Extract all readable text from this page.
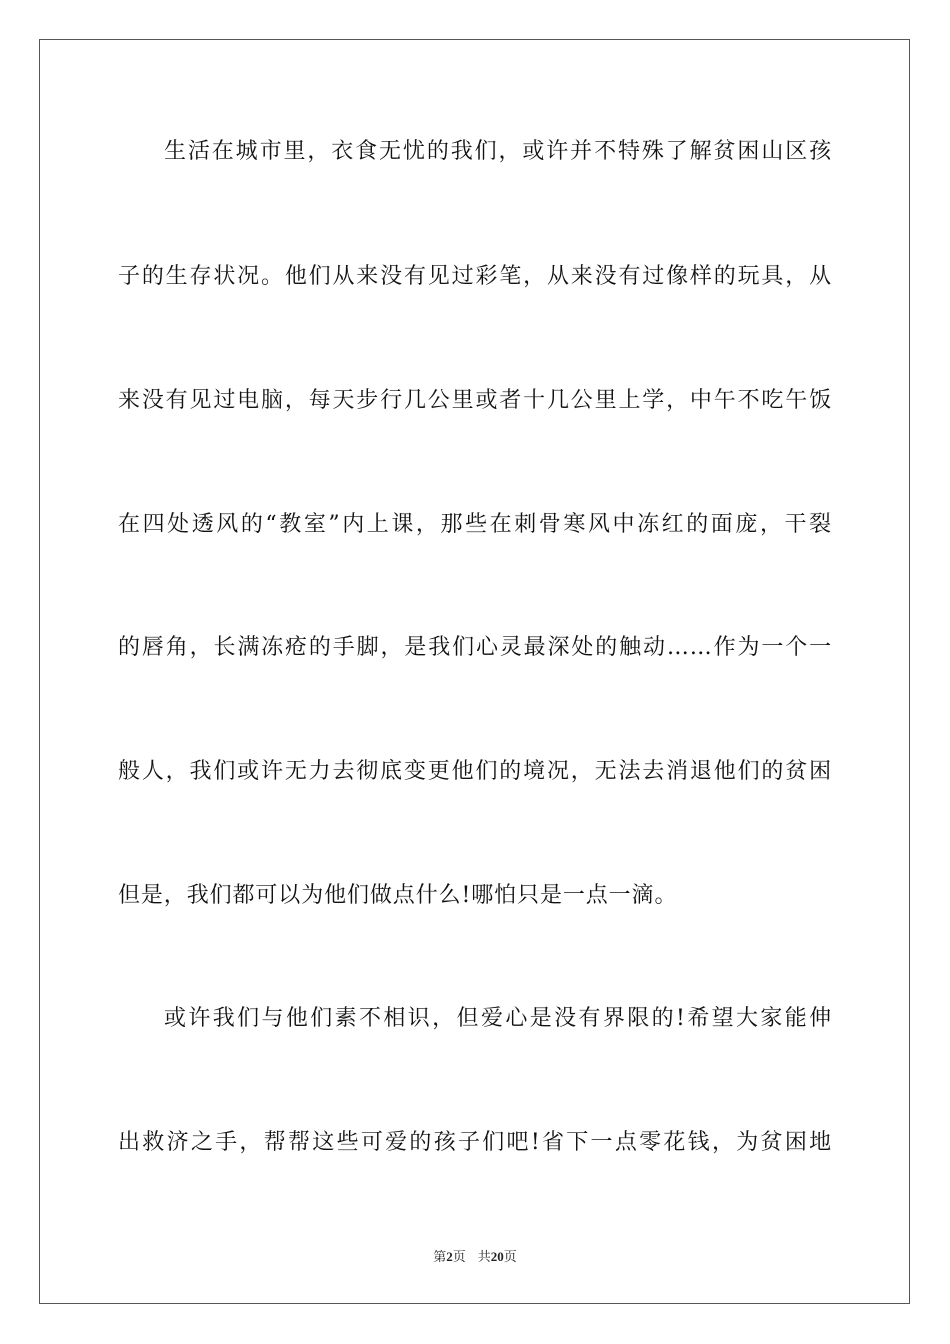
生活在城市里，衣食无忧的我们，或许并不特殊了解贫困山区孩
子的生存状况。他们从来没有见过彩笔，从来没有过像样的玩具，从
来没有见过电脑，每天步行几公里或者十几公里上学，中午不吃午饭
在四处透风的“教室”内上课，那些在刺骨寒风中冻红的面庞，干裂
的唇角，长满冻疮的手脚，是我们心灵最深处的触动……作为一个一
般人，我们或许无力去彻底变更他们的境况，无法去消退他们的贫困
但是，我们都可以为他们做点什么!哪怕只是一点一滴。
或许我们与他们素不相识，但爱心是没有界限的!希望大家能伸
出救济之手，帮帮这些可爱的孩子们吧!省下一点零花钱，为贫困地
第2页 共20页
